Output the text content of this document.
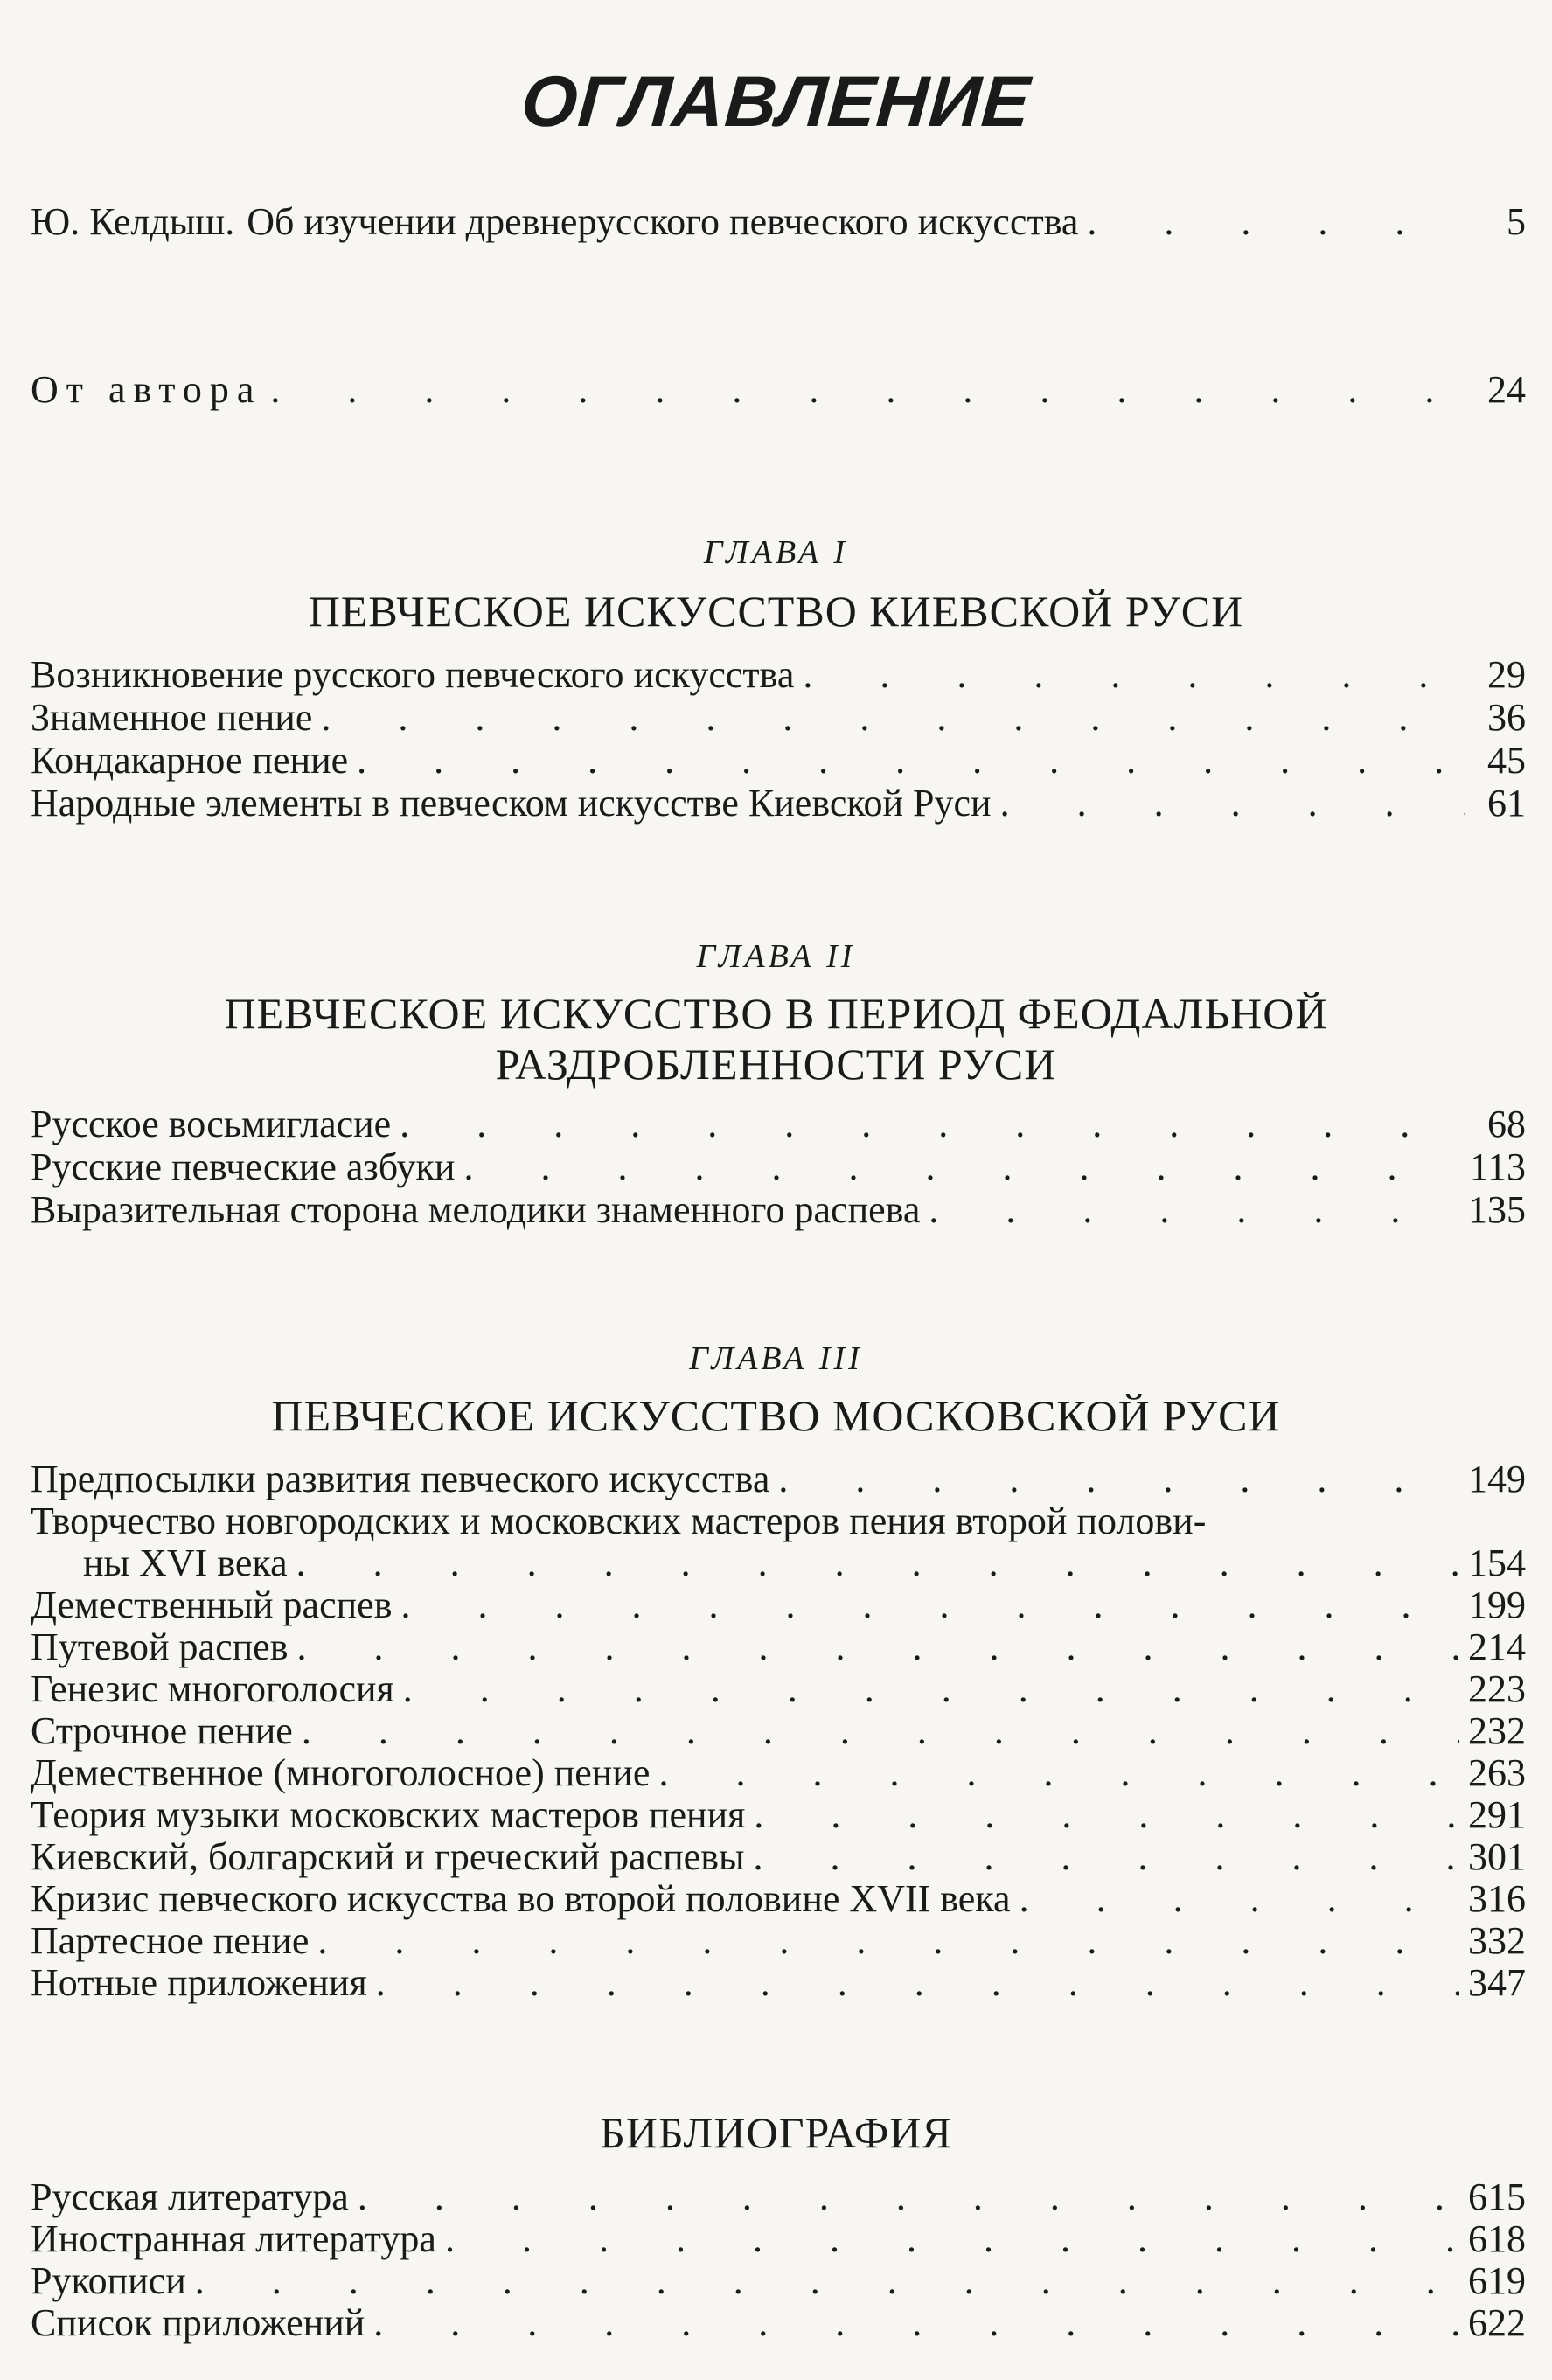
ОГЛАВЛЕНИЕ
Ю. Келдыш. Об изучении древнерусского певческого искусства .	5
От автора .	24
ГЛАВА I
ПЕВЧЕСКОЕ ИСКУССТВО КИЕВСКОЙ РУСИ
Возникновение русского певческого искусства .	29
Знаменное пение .	36
Кондакарное пение .	45
Народные элементы в певческом искусстве Киевской Руси .	61
ГЛАВА II
ПЕВЧЕСКОЕ ИСКУССТВО В ПЕРИОД ФЕОДАЛЬНОЙ
РАЗДРОБЛЕННОСТИ РУСИ
Русское восьмигласие .	68
Русские певческие азбуки .	113
Выразительная сторона мелодики знаменного распева .	135
ГЛАВА III
ПЕВЧЕСКОЕ ИСКУССТВО МОСКОВСКОЙ РУСИ
Предпосылки развития певческого искусства .	149
Творчество новгородских и московских мастеров пения второй полови-
ны XVI века .	154
Демественный распев .	199
Путевой распев .	214
Генезис многоголосия .	223
Строчное пение .	232
Демественное (многоголосное) пение .	263
Теория музыки московских мастеров пения .	291
Киевский, болгарский и греческий распевы .	301
Кризис певческого искусства во второй половине XVII века .	316
Партесное пение .	332
Нотные приложения .	347
БИБЛИОГРАФИЯ
Русская литература .	615
Иностранная литература .	618
Рукописи .	619
Список приложений .	622
